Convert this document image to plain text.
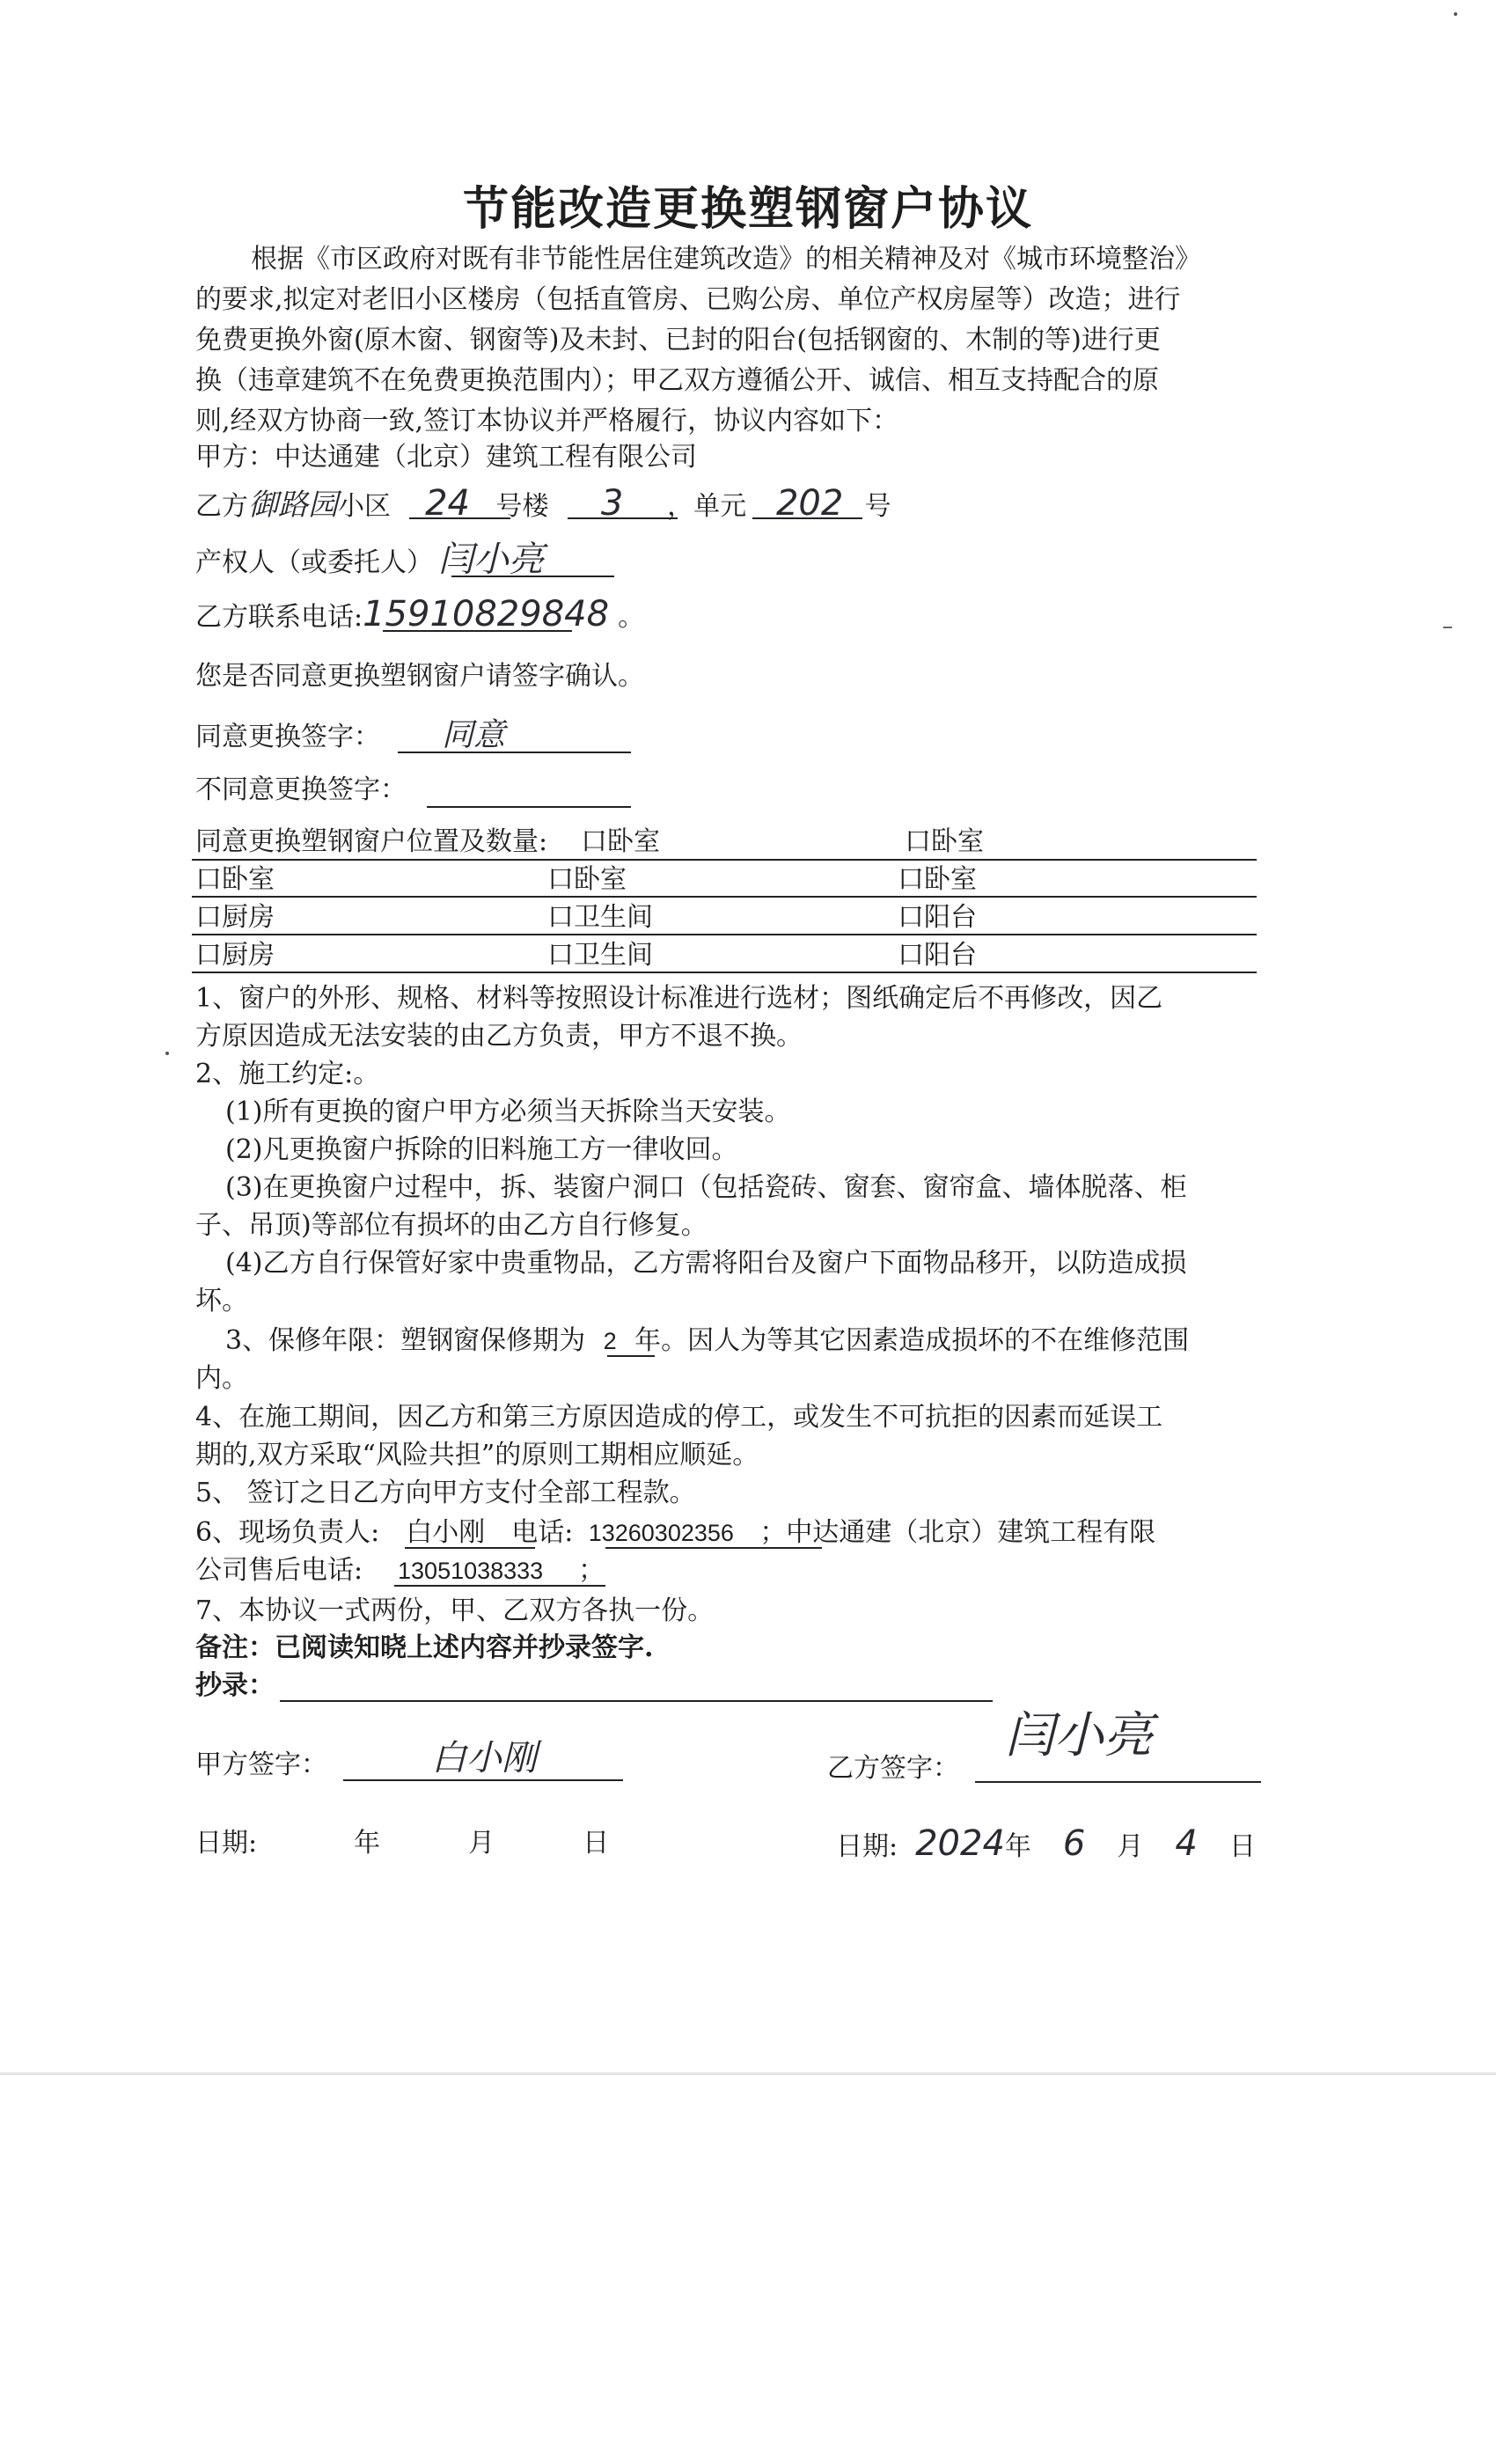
节能改造更换塑钢窗户协议
根据《市区政府对既有非节能性居住建筑改造》的相关精神及对《城市环境整治》
的要求,拟定对老旧小区楼房（包括直管房、已购公房、单位产权房屋等）改造；进行
免费更换外窗(原木窗、钢窗等)及未封、已封的阳台(包括钢窗的、木制的等)进行更
换（违章建筑不在免费更换范围内）；甲乙双方遵循公开、诚信、相互支持配合的原
则,经双方协商一致,签订本协议并严格履行，协议内容如下：
甲方：中达通建（北京）建筑工程有限公司
乙方御路园小区 24 号楼 3 ，单元 202 号
产权人（或委托人） 闫小亮
乙方联系电话:15910829848 。
您是否同意更换塑钢窗户请签字确认。
同意更换签字： 同意
不同意更换签字：
同意更换塑钢窗户位置及数量: 口卧室	口卧室
口卧室	口卧室	口卧室
口厨房	口卫生间	口阳台
口厨房	口卫生间	口阳台
1、窗户的外形、规格、材料等按照设计标准进行选材；图纸确定后不再修改，因乙
方原因造成无法安装的由乙方负责，甲方不退不换。
2、施工约定:。
(1)所有更换的窗户甲方必须当天拆除当天安装。
(2)凡更换窗户拆除的旧料施工方一律收回。
(3)在更换窗户过程中，拆、装窗户洞口（包括瓷砖、窗套、窗帘盒、墙体脱落、柜
子、吊顶)等部位有损坏的由乙方自行修复。
(4)乙方自行保管好家中贵重物品，乙方需将阳台及窗户下面物品移开，以防造成损
坏。
3、保修年限：塑钢窗保修期为 2 年。因人为等其它因素造成损坏的不在维修范围
内。
4、在施工期间，因乙方和第三方原因造成的停工，或发生不可抗拒的因素而延误工
期的,双方采取“风险共担”的原则工期相应顺延。
5、 签订之日乙方向甲方支付全部工程款。
6、现场负责人: 白小刚 电话: 13260302356 ；中达通建（北京）建筑工程有限
公司售后电话: 13051038333 ；
7、本协议一式两份，甲、乙双方各执一份。
备注：已阅读知晓上述内容并抄录签字.
抄录：
闫小亮
甲方签字：	白小刚	乙方签字：
日期:	年	月	日	日期: 2024年 6 月 4 日
